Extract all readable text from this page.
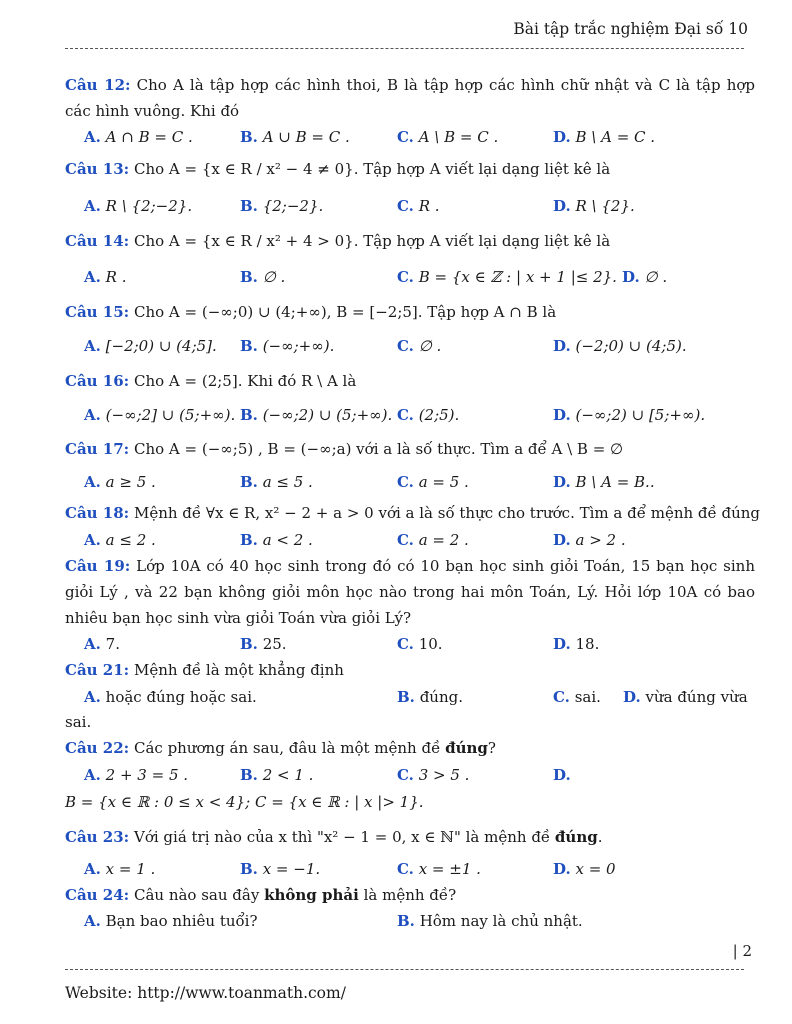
Bài tập trắc nghiệm Đại số 10
Câu 12: Cho A là tập hợp các hình thoi, B là tập hợp các hình chữ nhật và C là tập hợp các hình vuông. Khi đó
A. A ∩ B = C .	B. A ∪ B = C .	C. A \ B = C .	D. B \ A = C .
Câu 13: Cho A = {x ∈ R / x² − 4 ≠ 0}. Tập hợp A viết lại dạng liệt kê là
A. R \ {2;−2}.	B. {2;−2}.	C. R .	D. R \ {2}.
Câu 14: Cho A = {x ∈ R / x² + 4 > 0}. Tập hợp A viết lại dạng liệt kê là
A. R .	B. ∅ .	C. B = {x ∈ ℤ : | x + 1 |≤ 2}. D. ∅ .
Câu 15: Cho A = (−∞;0) ∪ (4;+∞), B = [−2;5]. Tập hợp A ∩ B là
A. [−2;0) ∪ (4;5]. B. (−∞;+∞).	C. ∅ .	D. (−2;0) ∪ (4;5).
Câu 16: Cho A = (2;5]. Khi đó R \ A là
A. (−∞;2] ∪ (5;+∞). B. (−∞;2) ∪ (5;+∞). C. (2;5).	D. (−∞;2) ∪ [5;+∞).
Câu 17: Cho A = (−∞;5) , B = (−∞;a) với a là số thực. Tìm a để A \ B = ∅
A. a ≥ 5 .	B. a ≤ 5 .	C. a = 5 .	D. B \ A = B..
Câu 18: Mệnh đề ∀x ∈ R, x² − 2 + a > 0 với a là số thực cho trước. Tìm a để mệnh đề đúng
A. a ≤ 2 .	B. a < 2 .	C. a = 2 .	D. a > 2 .
Câu 19: Lớp 10A có 40 học sinh trong đó có 10 bạn học sinh giỏi Toán, 15 bạn học sinh giỏi Lý , và 22 bạn không giỏi môn học nào trong hai môn Toán, Lý. Hỏi lớp 10A có bao nhiêu bạn học sinh vừa giỏi Toán vừa giỏi Lý?
A. 7.	B. 25.	C. 10.	D. 18.
Câu 21: Mệnh đề là một khẳng định
A. hoặc đúng hoặc sai.	B. đúng.	C. sai. D. vừa đúng vừa
sai.
Câu 22: Các phương án sau, đâu là một mệnh đề đúng?
A. 2 + 3 = 5 .	B. 2 < 1 .	C. 3 > 5 .	D.
B = {x ∈ ℝ : 0 ≤ x < 4}; C = {x ∈ ℝ : | x |> 1}.
Câu 23: Với giá trị nào của x thì "x² − 1 = 0, x ∈ ℕ" là mệnh đề đúng.
A. x = 1 .	B. x = −1.	C. x = ±1 .	D. x = 0
Câu 24: Câu nào sau đây không phải là mệnh đề?
A. Bạn bao nhiêu tuổi?	B. Hôm nay là chủ nhật.
| 2
Website: http://www.toanmath.com/
